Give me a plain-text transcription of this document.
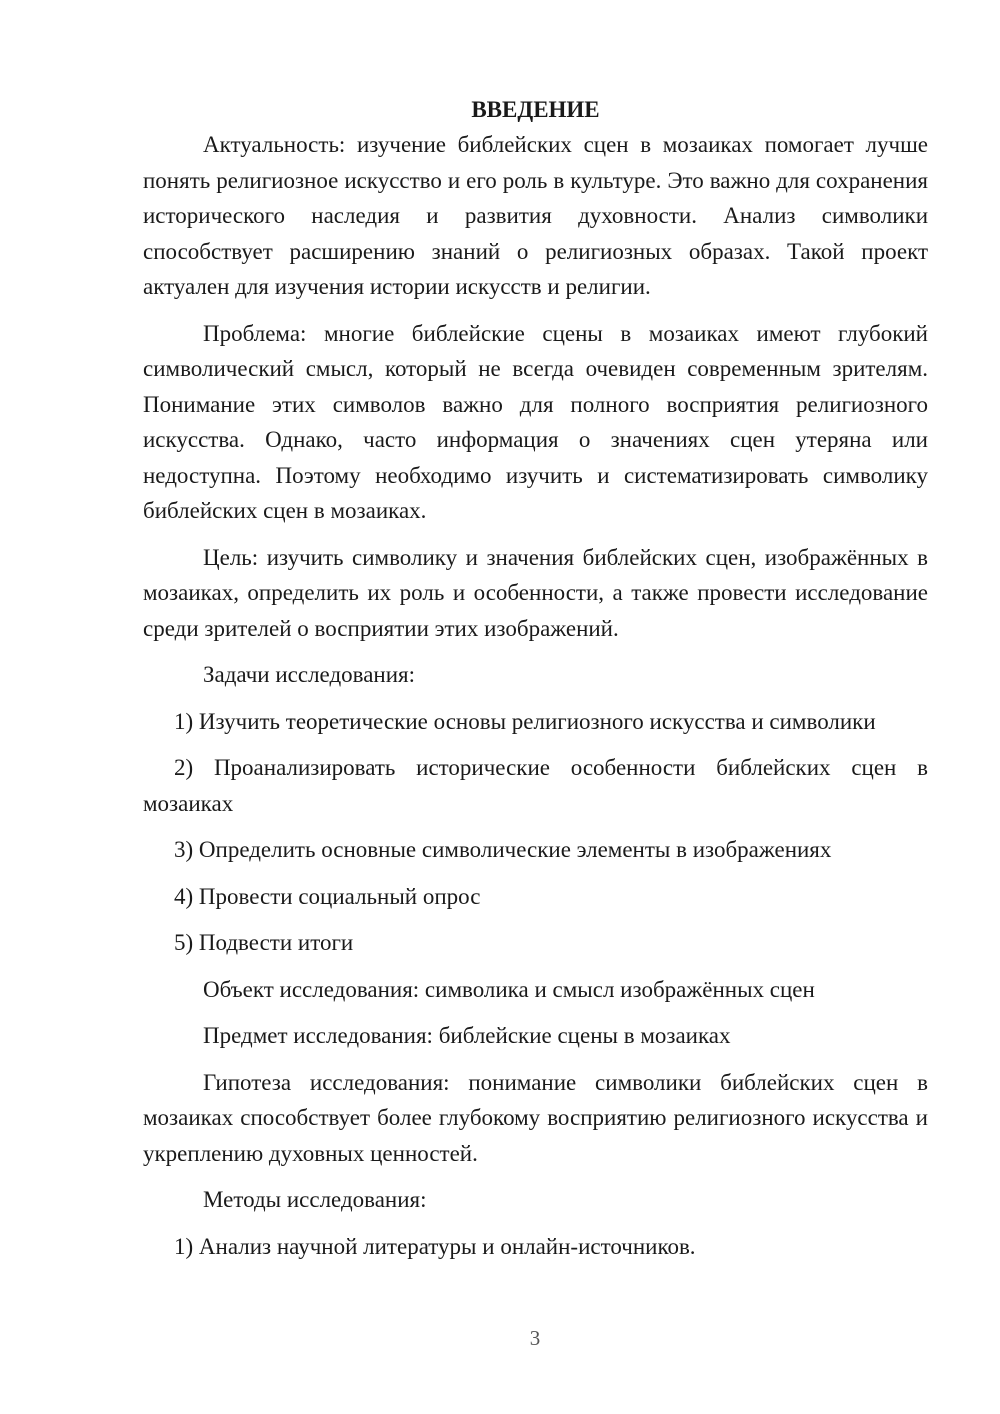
ВВЕДЕНИЕ

Актуальность: изучение библейских сцен в мозаиках помогает лучше понять религиозное искусство и его роль в культуре. Это важно для сохранения исторического наследия и развития духовности. Анализ символики способствует расширению знаний о религиозных образах. Такой проект актуален для изучения истории искусств и религии.

Проблема: многие библейские сцены в мозаиках имеют глубокий символический смысл, который не всегда очевиден современным зрителям. Понимание этих символов важно для полного восприятия религиозного искусства. Однако, часто информация о значениях сцен утеряна или недоступна. Поэтому необходимо изучить и систематизировать символику библейских сцен в мозаиках.

Цель: изучить символику и значения библейских сцен, изображённых в мозаиках, определить их роль и особенности, а также провести исследование среди зрителей о восприятии этих изображений.

Задачи исследования:

1) Изучить теоретические основы религиозного искусства и символики

2) Проанализировать исторические особенности библейских сцен в мозаиках

3) Определить основные символические элементы в изображениях

4) Провести социальный опрос

5) Подвести итоги

Объект исследования: символика и смысл изображённых сцен

Предмет исследования: библейские сцены в мозаиках

Гипотеза исследования: понимание символики библейских сцен в мозаиках способствует более глубокому восприятию религиозного искусства и укреплению духовных ценностей.

Методы исследования:

1) Анализ научной литературы и онлайн-источников.

3
